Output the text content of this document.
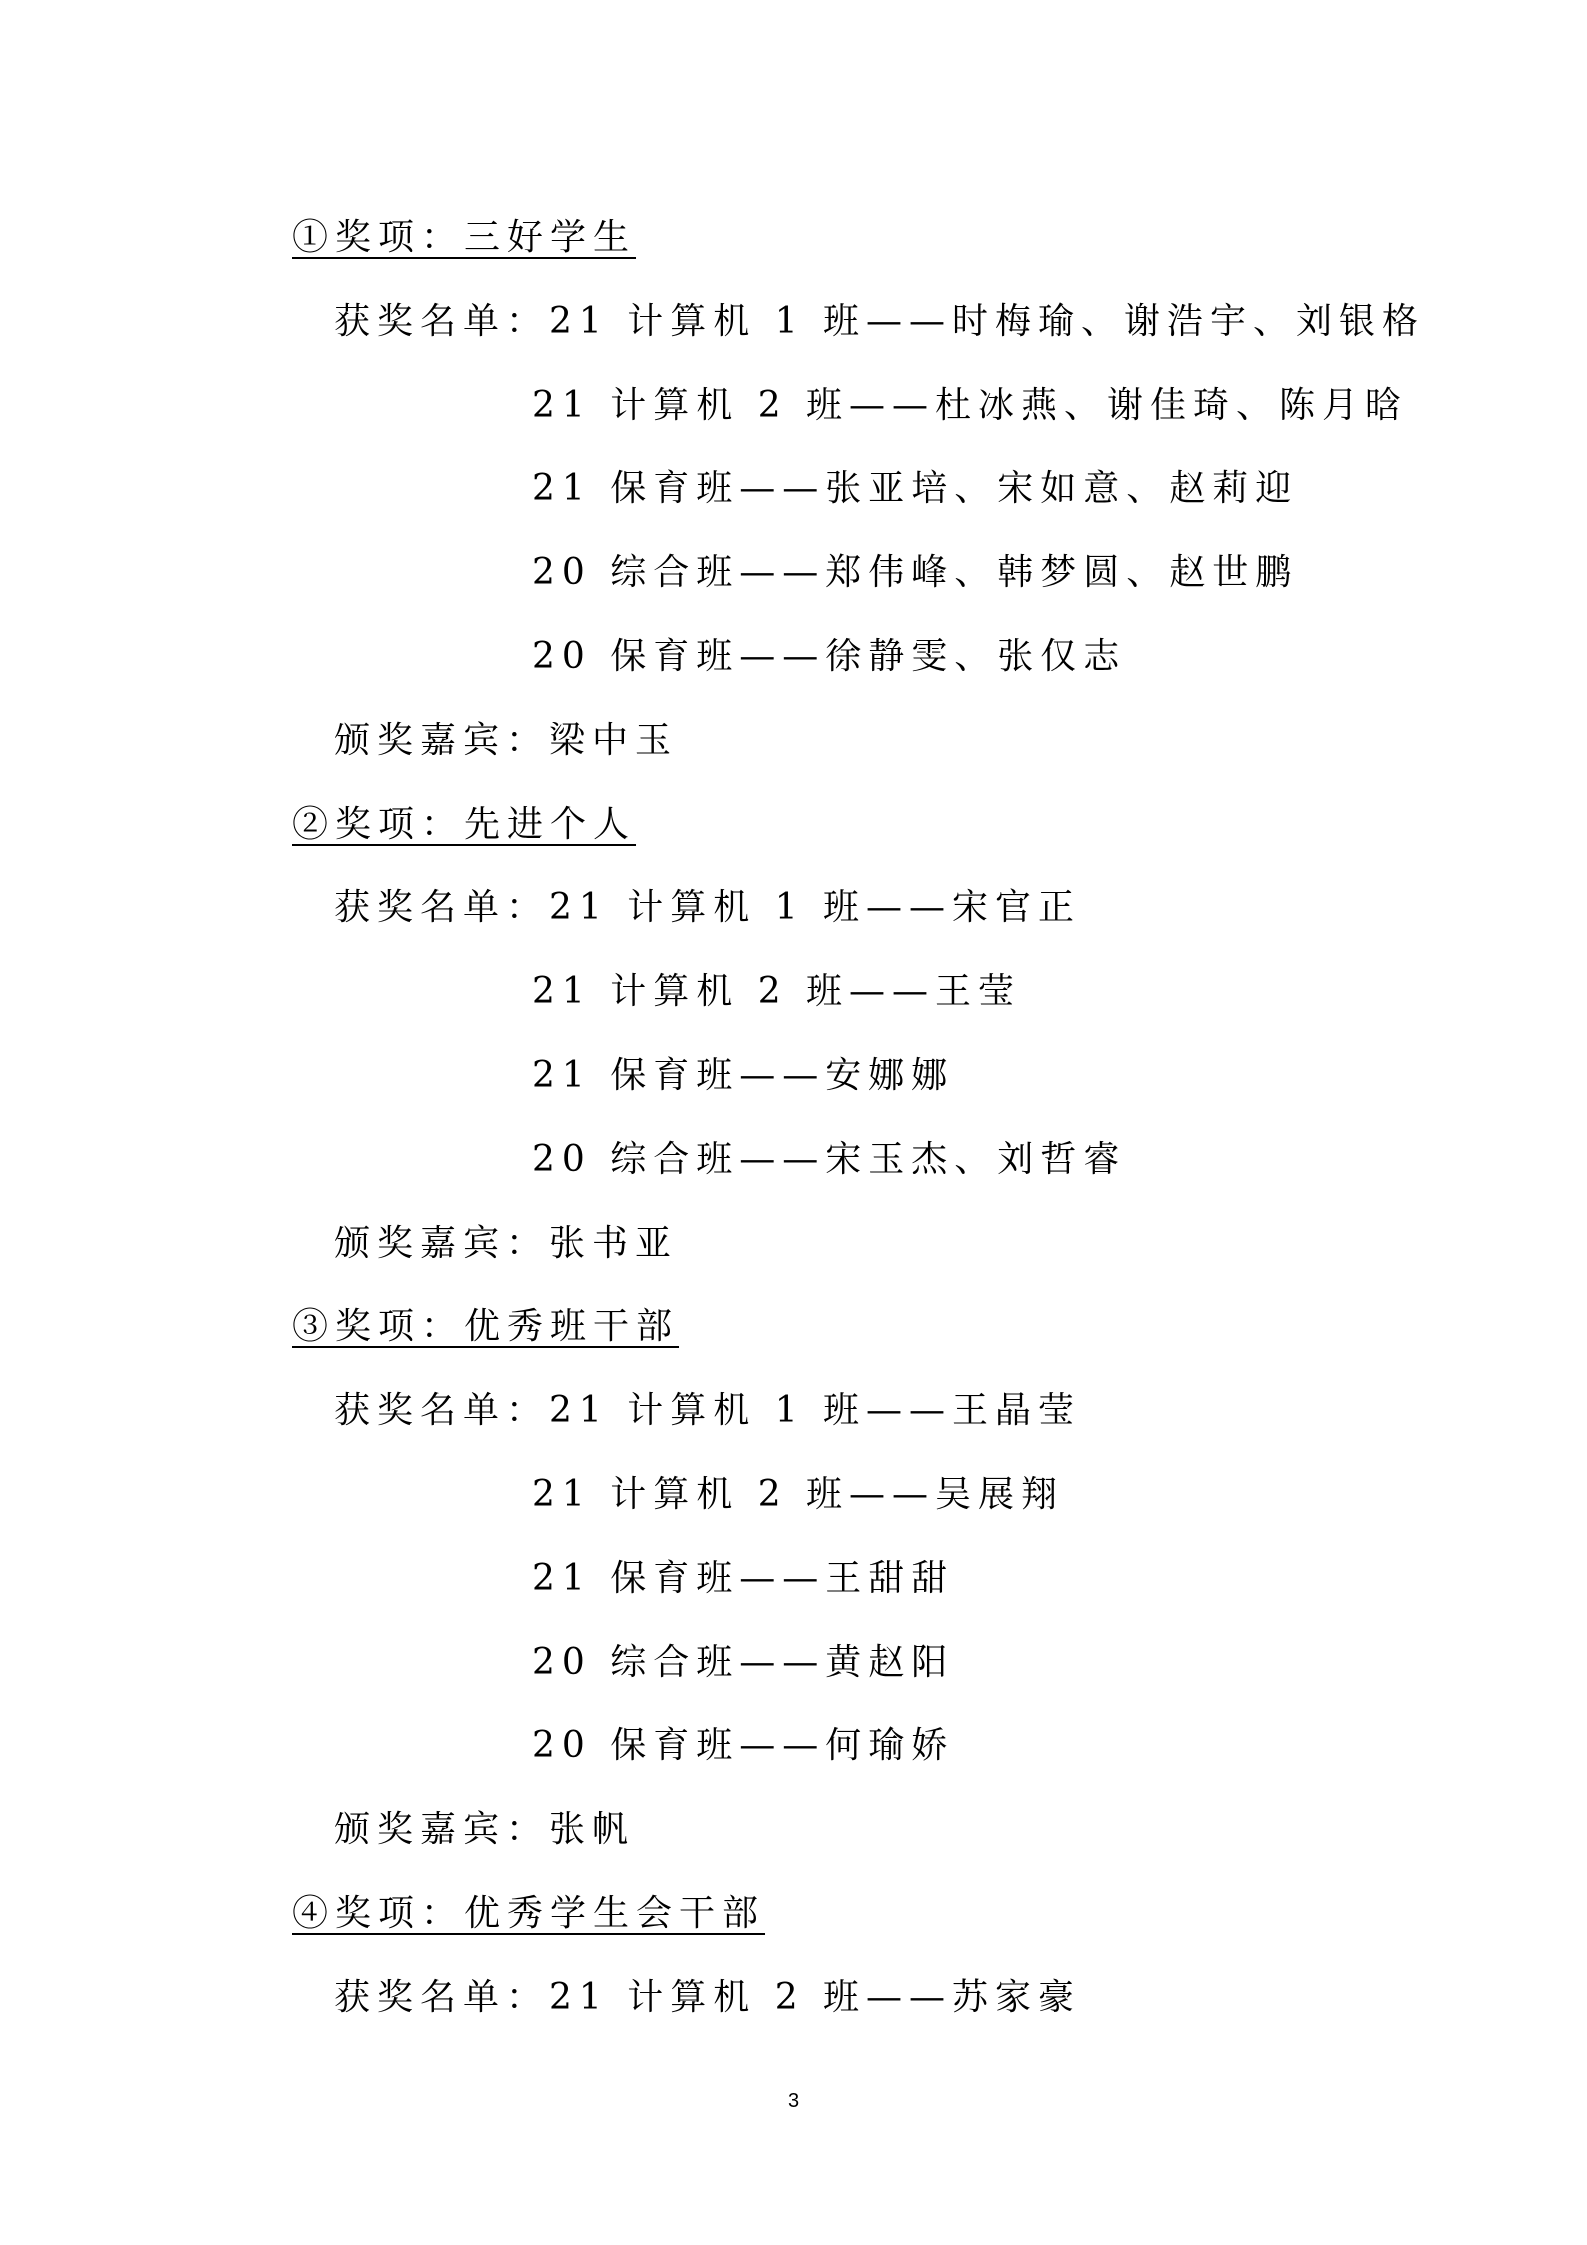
①奖项：三好学生
获奖名单：21 计算机 1 班——时梅瑜、谢浩宇、刘银格
21 计算机 2 班——杜冰燕、谢佳琦、陈月晗
21 保育班——张亚培、宋如意、赵莉迎
20 综合班——郑伟峰、韩梦圆、赵世鹏
20 保育班——徐静雯、张仅志
颁奖嘉宾：梁中玉
②奖项：先进个人
获奖名单：21 计算机 1 班——宋官正
21 计算机 2 班——王莹
21 保育班——安娜娜
20 综合班——宋玉杰、刘哲睿
颁奖嘉宾：张书亚
③奖项：优秀班干部
获奖名单：21 计算机 1 班——王晶莹
21 计算机 2 班——吴展翔
21 保育班——王甜甜
20 综合班——黄赵阳
20 保育班——何瑜娇
颁奖嘉宾：张帆
④奖项：优秀学生会干部
获奖名单：21 计算机 2 班——苏家豪
3
